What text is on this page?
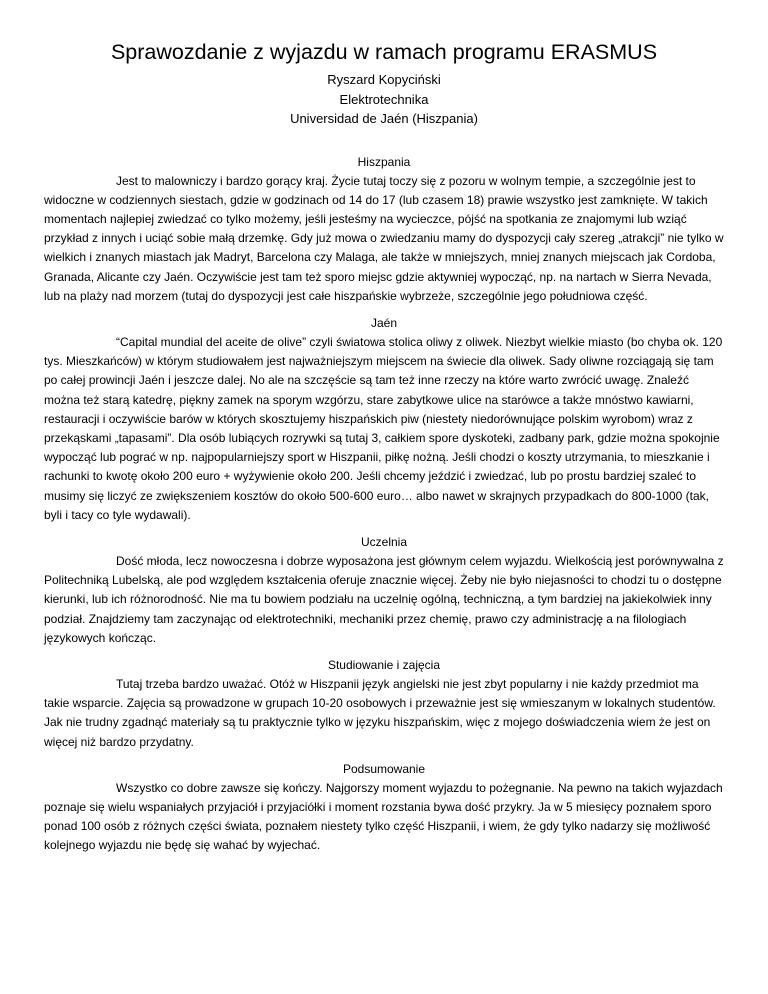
Sprawozdanie z wyjazdu w ramach programu ERASMUS

Ryszard Kopyciński

Elektrotechnika

Universidad de Jaén (Hiszpania)

Hiszpania

Jest to malowniczy i bardzo gorący kraj. Życie tutaj toczy się z pozoru w wolnym tempie, a szczególnie jest to widoczne w codziennych siestach, gdzie w godzinach od 14 do 17 (lub czasem 18) prawie wszystko jest zamknięte. W takich momentach najlepiej zwiedzać co tylko możemy, jeśli jesteśmy na wycieczce, pójść na spotkania ze znajomymi lub wziąć przykład z innych i uciąć sobie małą drzemkę. Gdy już mowa o zwiedzaniu mamy do dyspozycji cały szereg „atrakcji” nie tylko w wielkich i znanych miastach jak Madryt, Barcelona czy Malaga, ale także w mniejszych, mniej znanych miejscach jak Cordoba, Granada, Alicante czy Jaén. Oczywiście jest tam też sporo miejsc gdzie aktywniej wypocząć, np. na nartach w Sierra Nevada, lub na plaży nad morzem (tutaj do dyspozycji jest całe hiszpańskie wybrzeże, szczególnie jego południowa część.

Jaén

“Capital mundial del aceite de olive” czyli światowa stolica oliwy z oliwek. Niezbyt wielkie miasto (bo chyba ok. 120 tys. Mieszkańców) w którym studiowałem jest najważniejszym miejscem na świecie dla oliwek. Sady oliwne rozciągają się tam po całej prowincji Jaén i jeszcze dalej. No ale na szczęście są tam też inne rzeczy na które warto zwrócić uwagę. Znaleźć można też starą katedrę, piękny zamek na sporym wzgórzu, stare zabytkowe ulice na starówce a także mnóstwo kawiarni, restauracji i oczywiście barów w których skosztujemy hiszpańskich piw (niestety niedorównujące polskim wyrobom) wraz z przekąskami „tapasami”. Dla osób lubiących rozrywki są tutaj 3, całkiem spore dyskoteki, zadbany park, gdzie można spokojnie wypocząć lub pograć w np. najpopularniejszy sport w Hiszpanii, piłkę nożną. Jeśli chodzi o koszty utrzymania, to mieszkanie i rachunki to kwotę około 200 euro + wyżywienie około 200. Jeśli chcemy jeździć i zwiedzać, lub po prostu bardziej szaleć to musimy się liczyć ze zwiększeniem kosztów do około 500-600 euro… albo nawet w skrajnych przypadkach do 800-1000 (tak, byli i tacy co tyle wydawali).

Uczelnia

Dość młoda, lecz nowoczesna i dobrze wyposażona jest głównym celem wyjazdu. Wielkością jest porównywalna z Politechniką Lubelską, ale pod względem kształcenia oferuje znacznie więcej. Żeby nie było niejasności to chodzi tu o dostępne kierunki, lub ich różnorodność. Nie ma tu bowiem podziału na uczelnię ogólną, techniczną, a tym bardziej na jakiekolwiek inny podział. Znajdziemy tam zaczynając od elektrotechniki, mechaniki przez chemię, prawo czy administrację a na filologiach językowych kończąc.

Studiowanie i zajęcia

Tutaj trzeba bardzo uważać. Otóż w Hiszpanii język angielski nie jest zbyt popularny i nie każdy przedmiot ma takie wsparcie. Zajęcia są prowadzone w grupach 10-20 osobowych i przeważnie jest się wmieszanym w lokalnych studentów. Jak nie trudny zgadnąć materiały są tu praktycznie tylko w języku hiszpańskim, więc z mojego doświadczenia wiem że jest on więcej niż bardzo przydatny.

Podsumowanie

Wszystko co dobre zawsze się kończy. Najgorszy moment wyjazdu to pożegnanie. Na pewno na takich wyjazdach poznaje się wielu wspaniałych przyjaciół i przyjaciółki i moment rozstania bywa dość przykry. Ja w 5 miesięcy poznałem sporo ponad 100 osób z różnych części świata, poznałem niestety tylko część Hiszpanii, i wiem, że gdy tylko nadarzy się możliwość kolejnego wyjazdu nie będę się wahać by wyjechać.
